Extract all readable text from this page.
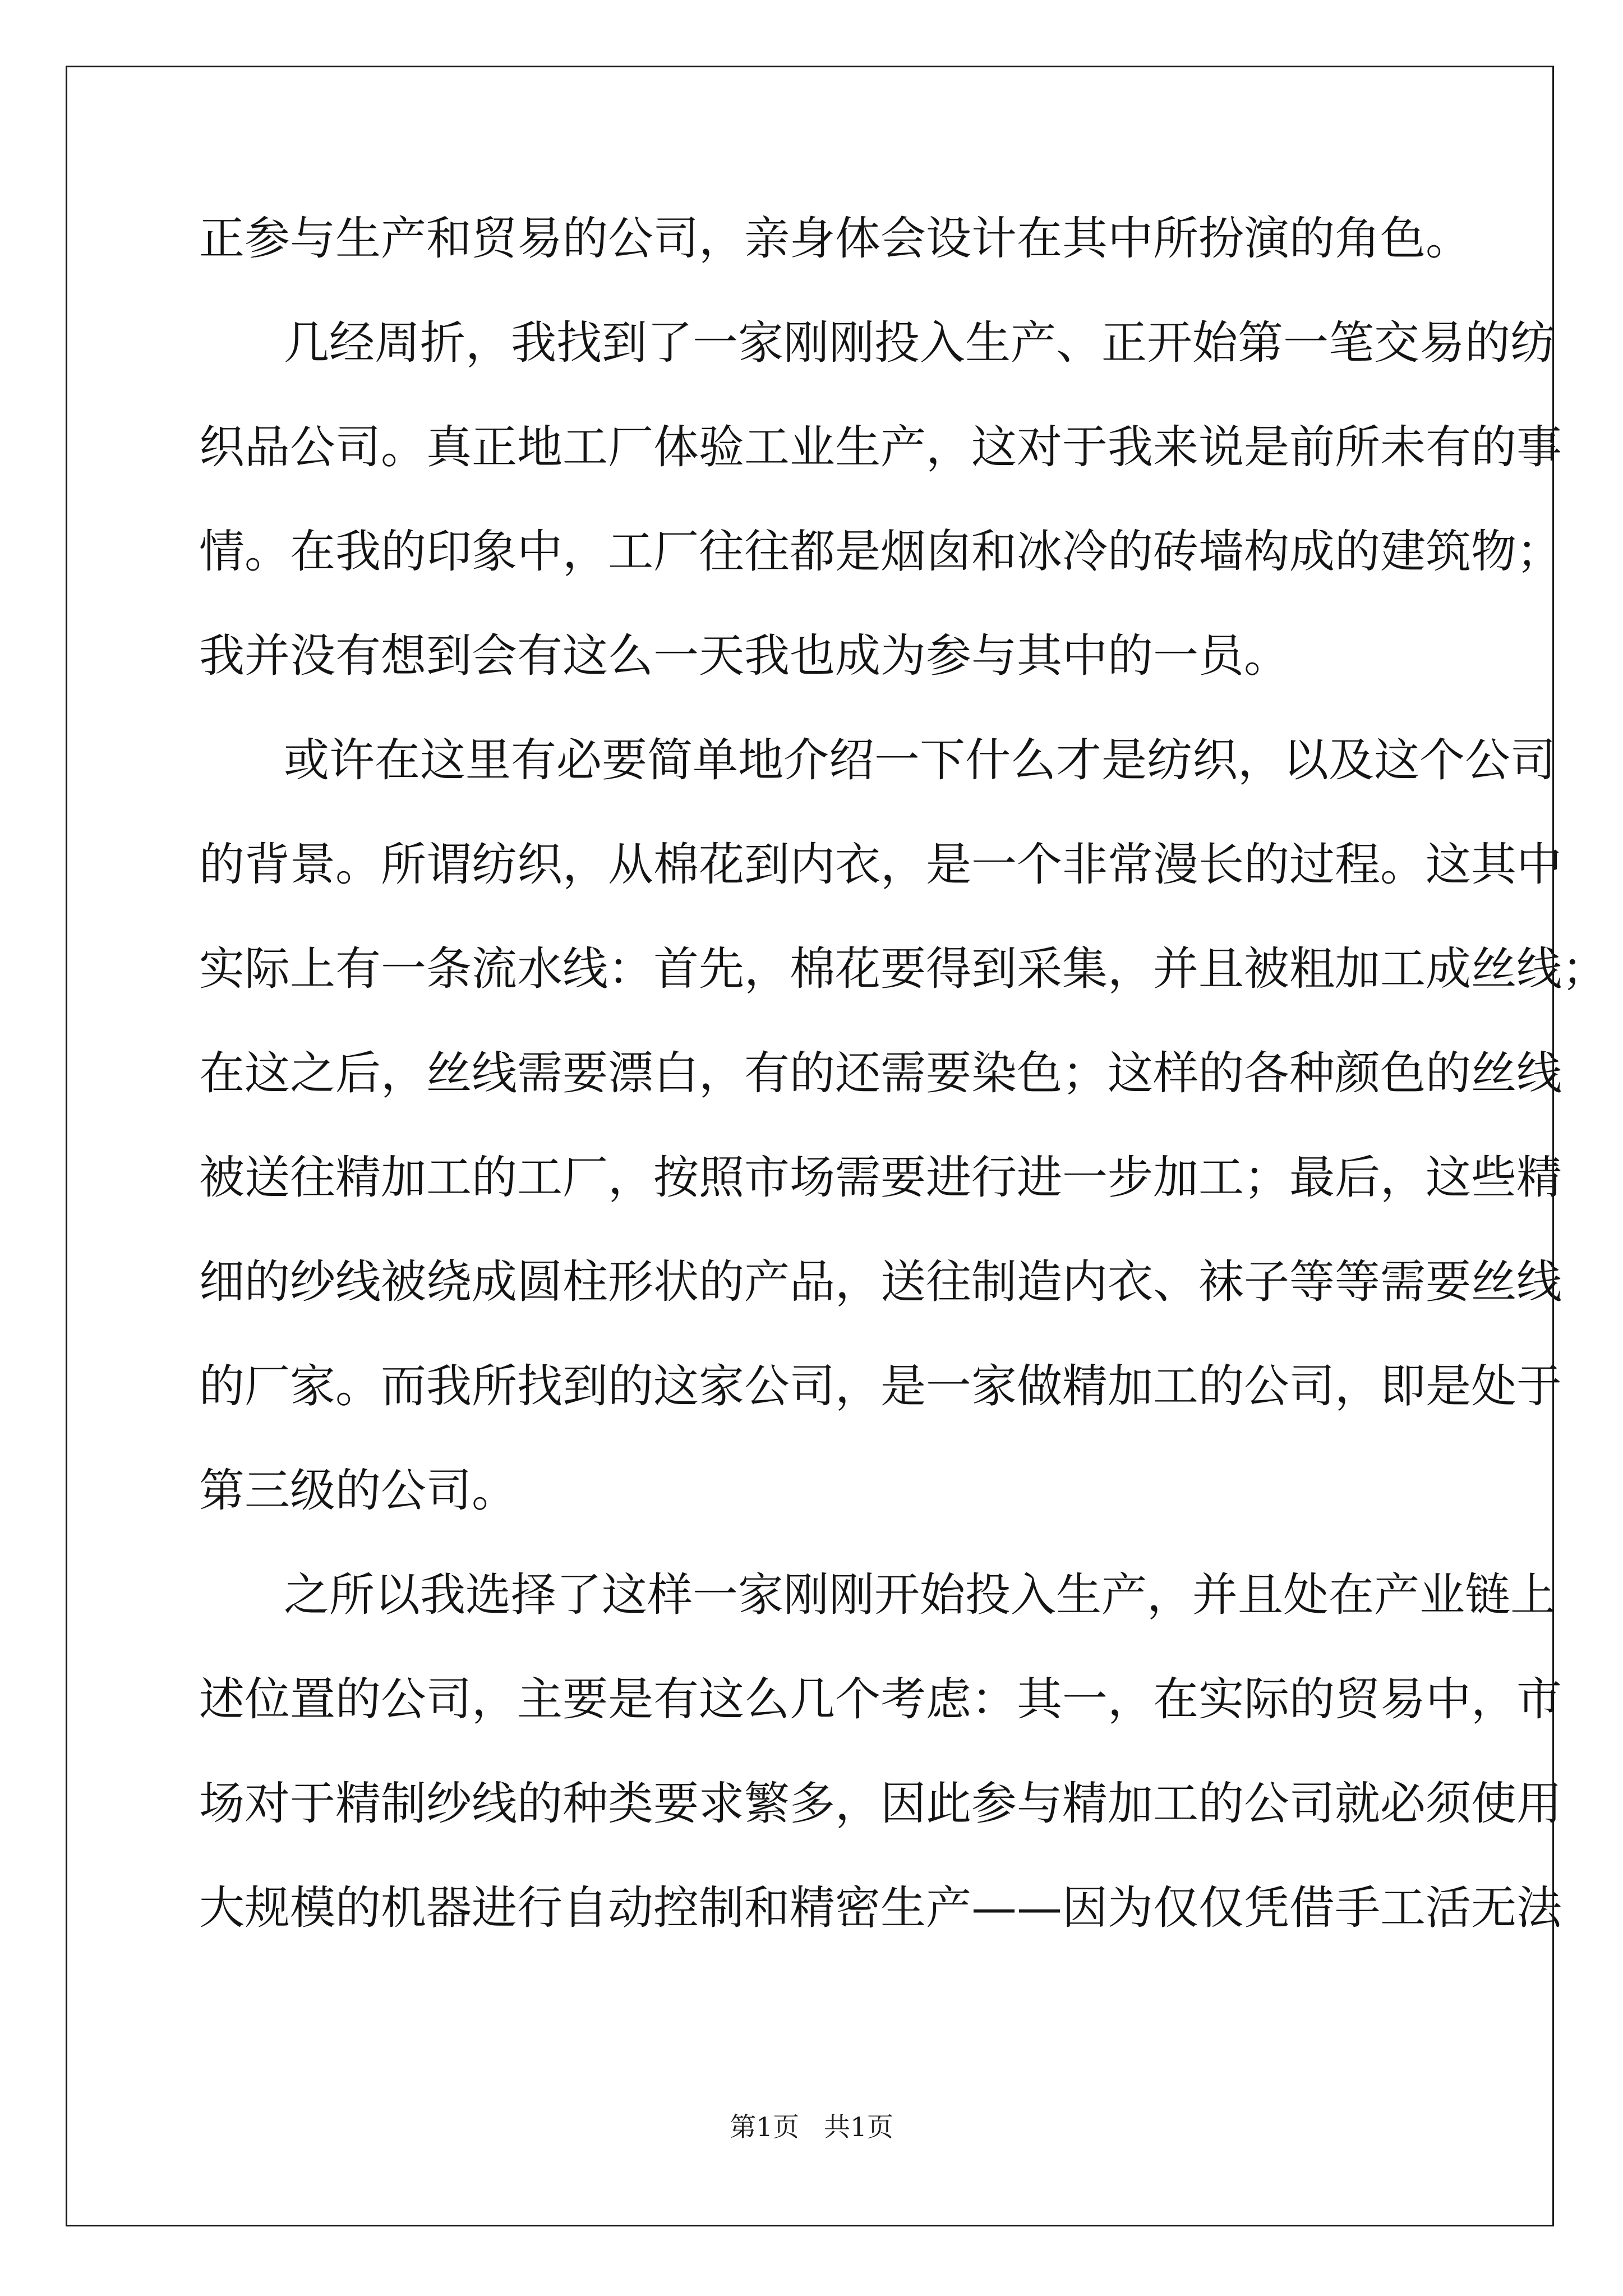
正参与生产和贸易的公司，亲身体会设计在其中所扮演的角色。
几经周折，我找到了一家刚刚投入生产、正开始第一笔交易的纺
织品公司。真正地工厂体验工业生产，这对于我来说是前所未有的事
情。在我的印象中，工厂往往都是烟囱和冰冷的砖墙构成的建筑物；
我并没有想到会有这么一天我也成为参与其中的一员。
或许在这里有必要简单地介绍一下什么才是纺织，以及这个公司
的背景。所谓纺织，从棉花到内衣，是一个非常漫长的过程。这其中
实际上有一条流水线：首先，棉花要得到采集，并且被粗加工成丝线；
在这之后，丝线需要漂白，有的还需要染色；这样的各种颜色的丝线
被送往精加工的工厂，按照市场需要进行进一步加工；最后，这些精
细的纱线被绕成圆柱形状的产品，送往制造内衣、袜子等等需要丝线
的厂家。而我所找到的这家公司，是一家做精加工的公司，即是处于
第三级的公司。
之所以我选择了这样一家刚刚开始投入生产，并且处在产业链上
述位置的公司，主要是有这么几个考虑：其一，在实际的贸易中，市
场对于精制纱线的种类要求繁多，因此参与精加工的公司就必须使用
大规模的机器进行自动控制和精密生产——因为仅仅凭借手工活无法
第1页 共1页
